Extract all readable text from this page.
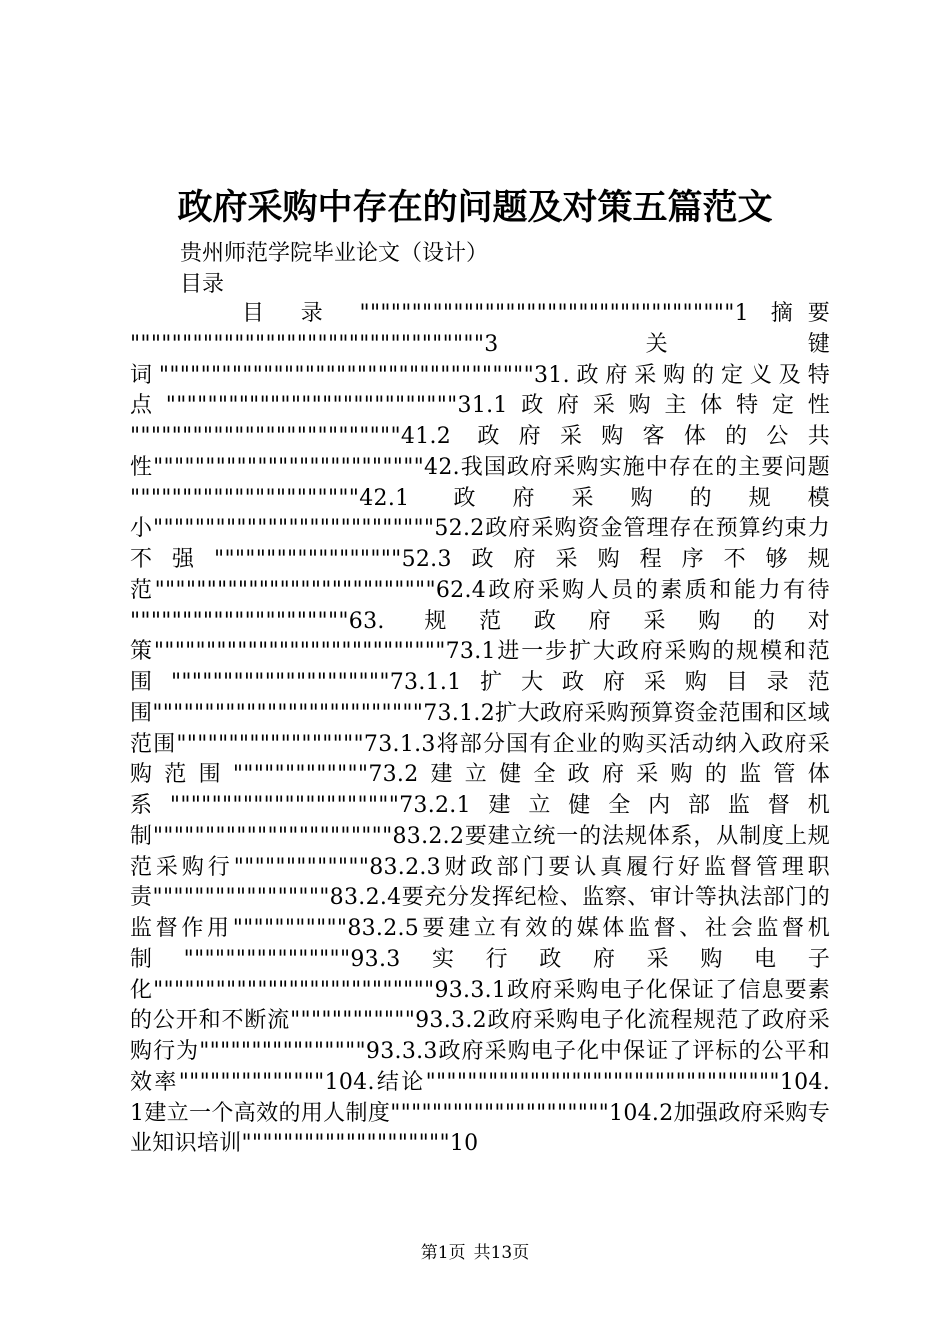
政府采购中存在的问题及对策五篇范文
贵州师范学院毕业论文（设计）
目录
目 录 """"""""""""""""""""""""""""""""""""1 摘要 """"""""""""""""""""""""""""""""""3 关键词""""""""""""""""""""""""""""""""""""31.政府采购的定义及特点""""""""""""""""""""""""""""31.1政府采购主体特定性 """"""""""""""""""""""""""41.2 政府采购客体的公共性""""""""""""""""""""""""""42.我国政府采购实施中存在的主要问题 """"""""""""""""""""""42.1 政府采购的规模小"""""""""""""""""""""""""""52.2政府采购资金管理存在预算约束力不强""""""""""""""""""52.3政府采购程序不够规范"""""""""""""""""""""""""""62.4政府采购人员的素质和能力有待 """""""""""""""""""""63. 规范政府采购的对策""""""""""""""""""""""""""""73.1进一步扩大政府采购的规模和范围"""""""""""""""""""""73.1.1扩大政府采购目录范围""""""""""""""""""""""""""73.1.2扩大政府采购预算资金范围和区域范围""""""""""""""""""73.1.3将部分国有企业的购买活动纳入政府采购范围"""""""""""""73.2建立健全政府采购的监管体系""""""""""""""""""""""73.2.1建立健全内部监督机制"""""""""""""""""""""""83.2.2要建立统一的法规体系，从制度上规范采购行"""""""""""""83.2.3财政部门要认真履行好监督管理职责"""""""""""""""""83.2.4要充分发挥纪检、监察、审计等执法部门的监督作用"""""""""""83.2.5要建立有效的媒体监督、社会监督机制""""""""""""""""93.3实行政府采购电子化"""""""""""""""""""""""""""93.3.1政府采购电子化保证了信息要素的公开和不断流""""""""""""93.3.2政府采购电子化流程规范了政府采购行为""""""""""""""""93.3.3政府采购电子化中保证了评标的公平和效率""""""""""""""104.结论""""""""""""""""""""""""""""""""""104.1建立一个高效的用人制度"""""""""""""""""""""104.2加强政府采购专业知识培训""""""""""""""""""""10
第1页 共13页
